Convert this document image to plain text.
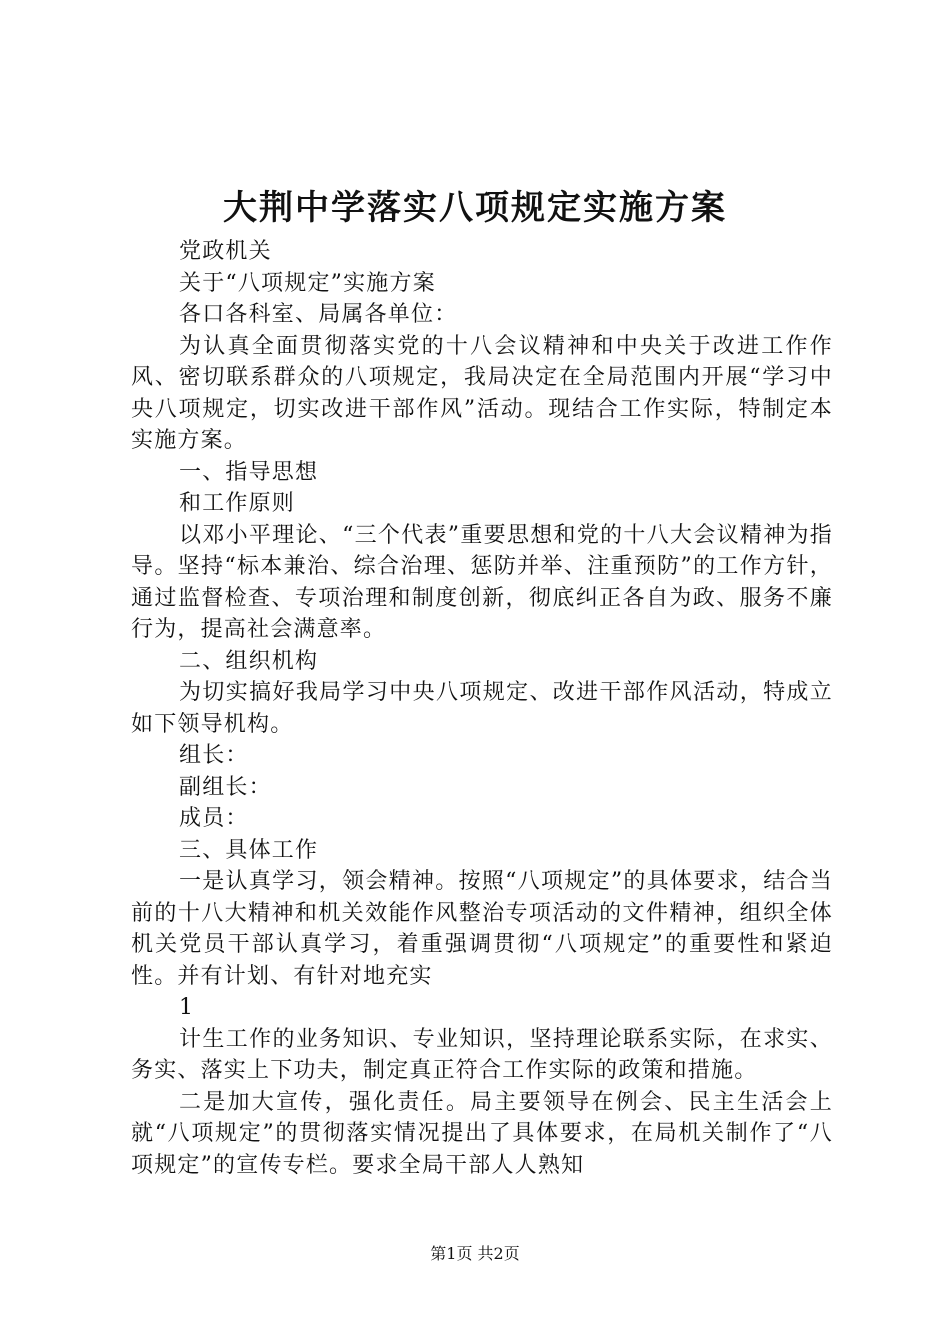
大荆中学落实八项规定实施方案

党政机关

关于“八项规定”实施方案

各口各科室、局属各单位：

为认真全面贯彻落实党的十八会议精神和中央关于改进工作作风、密切联系群众的八项规定，我局决定在全局范围内开展“学习中央八项规定，切实改进干部作风”活动。现结合工作实际，特制定本实施方案。

一、指导思想

和工作原则

以邓小平理论、“三个代表”重要思想和党的十八大会议精神为指导。坚持“标本兼治、综合治理、惩防并举、注重预防”的工作方针，通过监督检查、专项治理和制度创新，彻底纠正各自为政、服务不廉行为，提高社会满意率。

二、组织机构

为切实搞好我局学习中央八项规定、改进干部作风活动，特成立如下领导机构。

组长：

副组长：

成员：

三、具体工作

一是认真学习，领会精神。按照“八项规定”的具体要求，结合当前的十八大精神和机关效能作风整治专项活动的文件精神，组织全体机关党员干部认真学习，着重强调贯彻“八项规定”的重要性和紧迫性。并有计划、有针对地充实

1

计生工作的业务知识、专业知识，坚持理论联系实际，在求实、务实、落实上下功夫，制定真正符合工作实际的政策和措施。

二是加大宣传，强化责任。局主要领导在例会、民主生活会上就“八项规定”的贯彻落实情况提出了具体要求，在局机关制作了“八项规定”的宣传专栏。要求全局干部人人熟知

第1页 共2页
